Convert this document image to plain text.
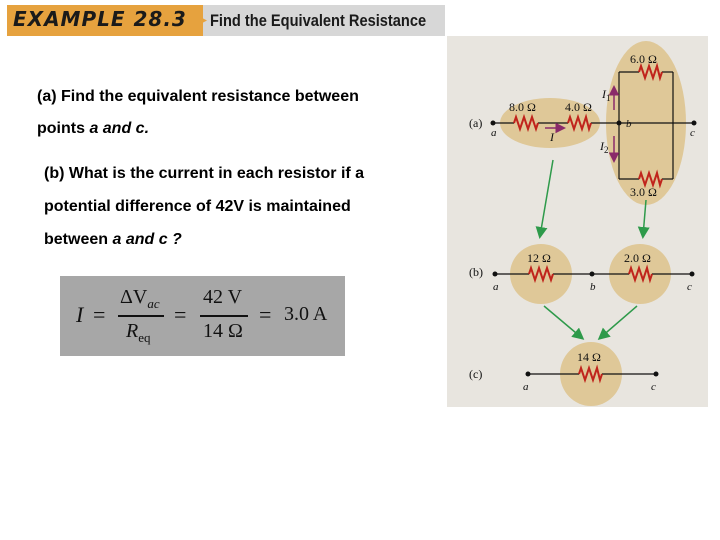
EXAMPLE 28.3 Find the Equivalent Resistance
(a) Find the equivalent resistance between
points a and c.
(b) What is the current in each resistor if a
potential difference of 42V is maintained
between a and c ?
I =
$\Delta V_{ac}$
$R_{eq}$
=
42 V
14 Ω
= 3.0 A
(a)
8.0 Ω 4.0 Ω
6.0 Ω
3.0 Ω
a
b
c
I
$I_1$
$I_2$
(b)
12 Ω	2.0 Ω
a	b	c
(c)
14 Ω
a	c
